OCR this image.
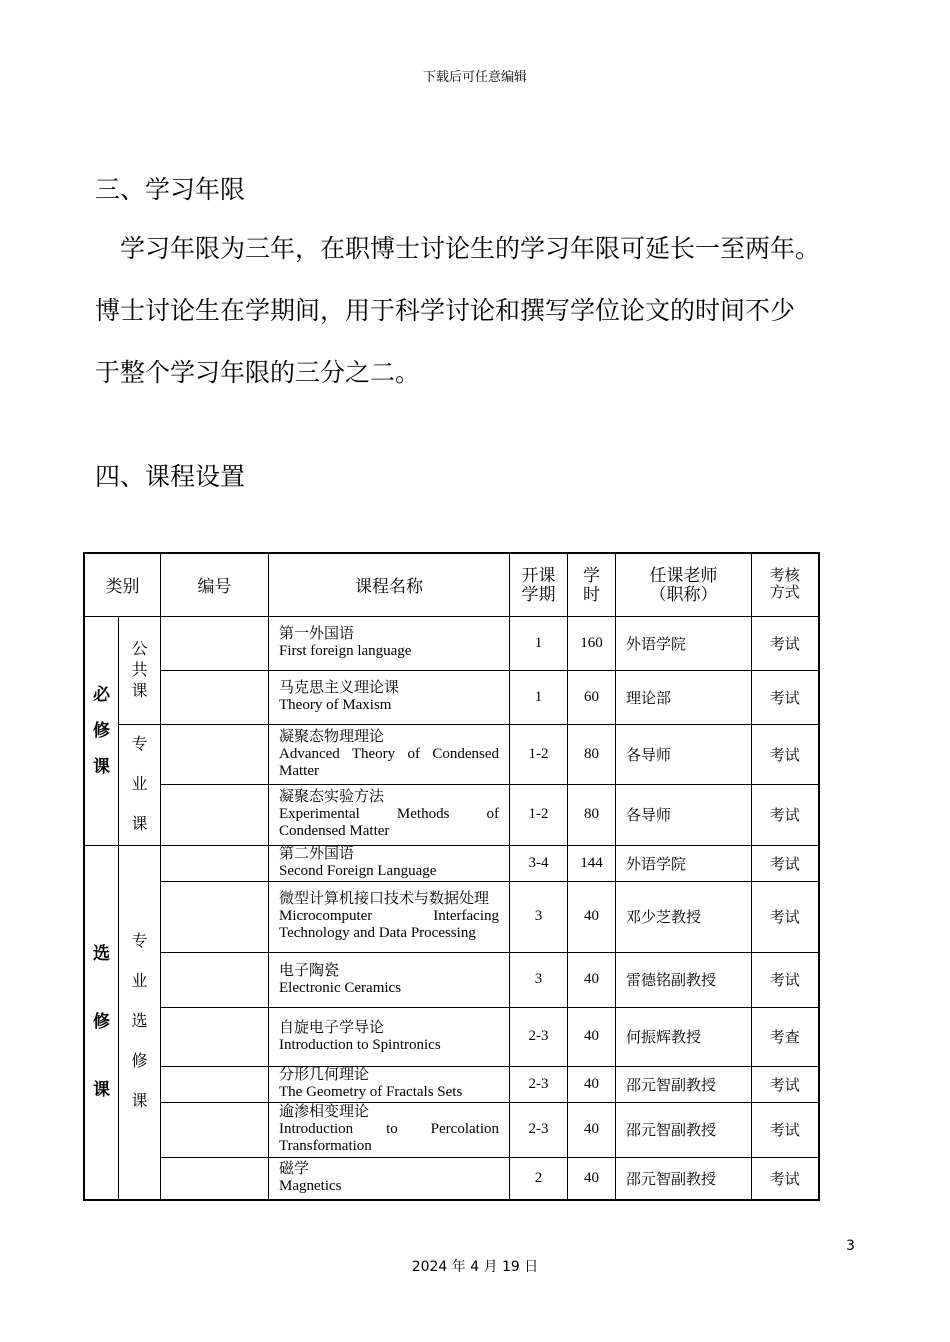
下载后可任意编辑
三、学习年限
　学习年限为三年，在职博士讨论生的学习年限可延长一至两年。
博士讨论生在学期间，用于科学讨论和撰写学位论文的时间不少
于整个学习年限的三分之二。
四、课程设置
类别		编号	课程名称	开课学期	学时	任课老师（职称）	考核方式
必修课	公共课		第一外国语
First foreign language	1	160	外语学院	考试

			马克思主义理论课
Theory of Maxism	1	60	理论部	考试
	专业课		凝聚态物理理论
Advanced Theory of Condensed Matter	1-2	80	各导师	考试

			凝聚态实验方法
Experimental Methods of Condensed Matter	1-2	80	各导师	考试
选修课	专业选修课		第二外国语
Second Foreign Language	3-4	144	外语学院	考试

			微型计算机接口技术与数据处理
Microcomputer Interfacing Technology and Data Processing	3	40	邓少芝教授	考试

			电子陶瓷
Electronic Ceramics	3	40	雷德铭副教授	考试

			自旋电子学导论
Introduction to Spintronics	2-3	40	何振辉教授	考查

			分形几何理论
The Geometry of Fractals Sets	2-3	40	邵元智副教授	考试

			逾渗相变理论
Introduction to Percolation Transformation	2-3	40	邵元智副教授	考试

			磁学
Magnetics	2	40	邵元智副教授	考试
3
2024 年 4 月 19 日
